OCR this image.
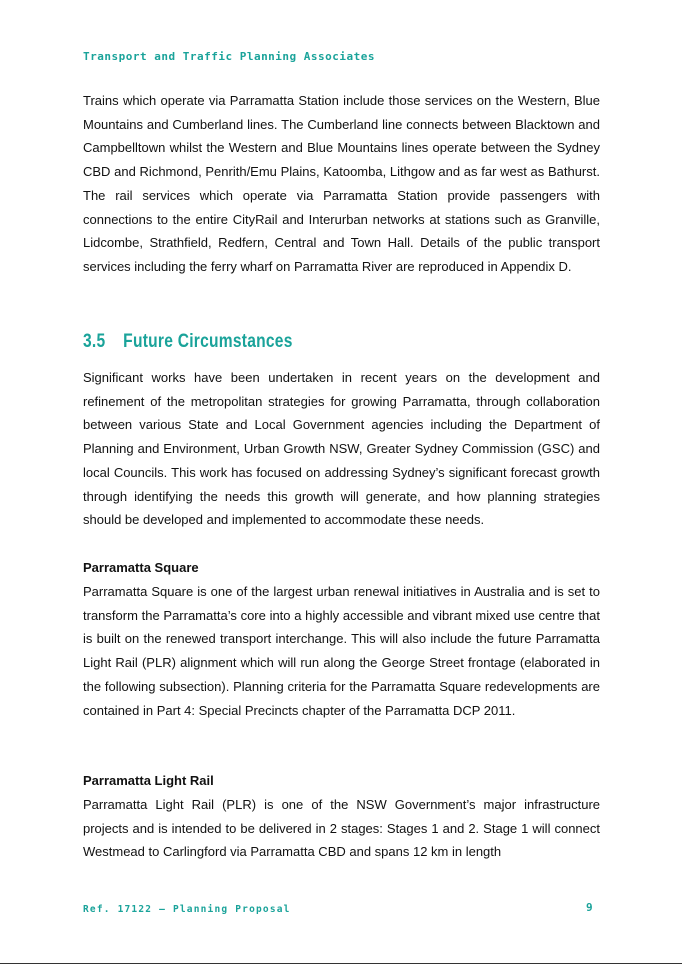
Transport and Traffic Planning Associates

Trains which operate via Parramatta Station include those services on the Western, Blue Mountains and Cumberland lines. The Cumberland line connects between Blacktown and Campbelltown whilst the Western and Blue Mountains lines operate between the Sydney CBD and Richmond, Penrith/Emu Plains, Katoomba, Lithgow and as far west as Bathurst. The rail services which operate via Parramatta Station provide passengers with connections to the entire CityRail and Interurban networks at stations such as Granville, Lidcombe, Strathfield, Redfern, Central and Town Hall. Details of the public transport services including the ferry wharf on Parramatta River are reproduced in Appendix D.

3.5 Future Circumstances

Significant works have been undertaken in recent years on the development and refinement of the metropolitan strategies for growing Parramatta, through collaboration between various State and Local Government agencies including the Department of Planning and Environment, Urban Growth NSW, Greater Sydney Commission (GSC) and local Councils. This work has focused on addressing Sydney’s significant forecast growth through identifying the needs this growth will generate, and how planning strategies should be developed and implemented to accommodate these needs.

Parramatta Square

Parramatta Square is one of the largest urban renewal initiatives in Australia and is set to transform the Parramatta’s core into a highly accessible and vibrant mixed use centre that is built on the renewed transport interchange. This will also include the future Parramatta Light Rail (PLR) alignment which will run along the George Street frontage (elaborated in the following subsection). Planning criteria for the Parramatta Square redevelopments are contained in Part 4: Special Precincts chapter of the Parramatta DCP 2011.

Parramatta Light Rail

Parramatta Light Rail (PLR) is one of the NSW Government’s major infrastructure projects and is intended to be delivered in 2 stages: Stages 1 and 2. Stage 1 will connect Westmead to Carlingford via Parramatta CBD and spans 12 km in length

Ref. 17122 – Planning Proposal	9
